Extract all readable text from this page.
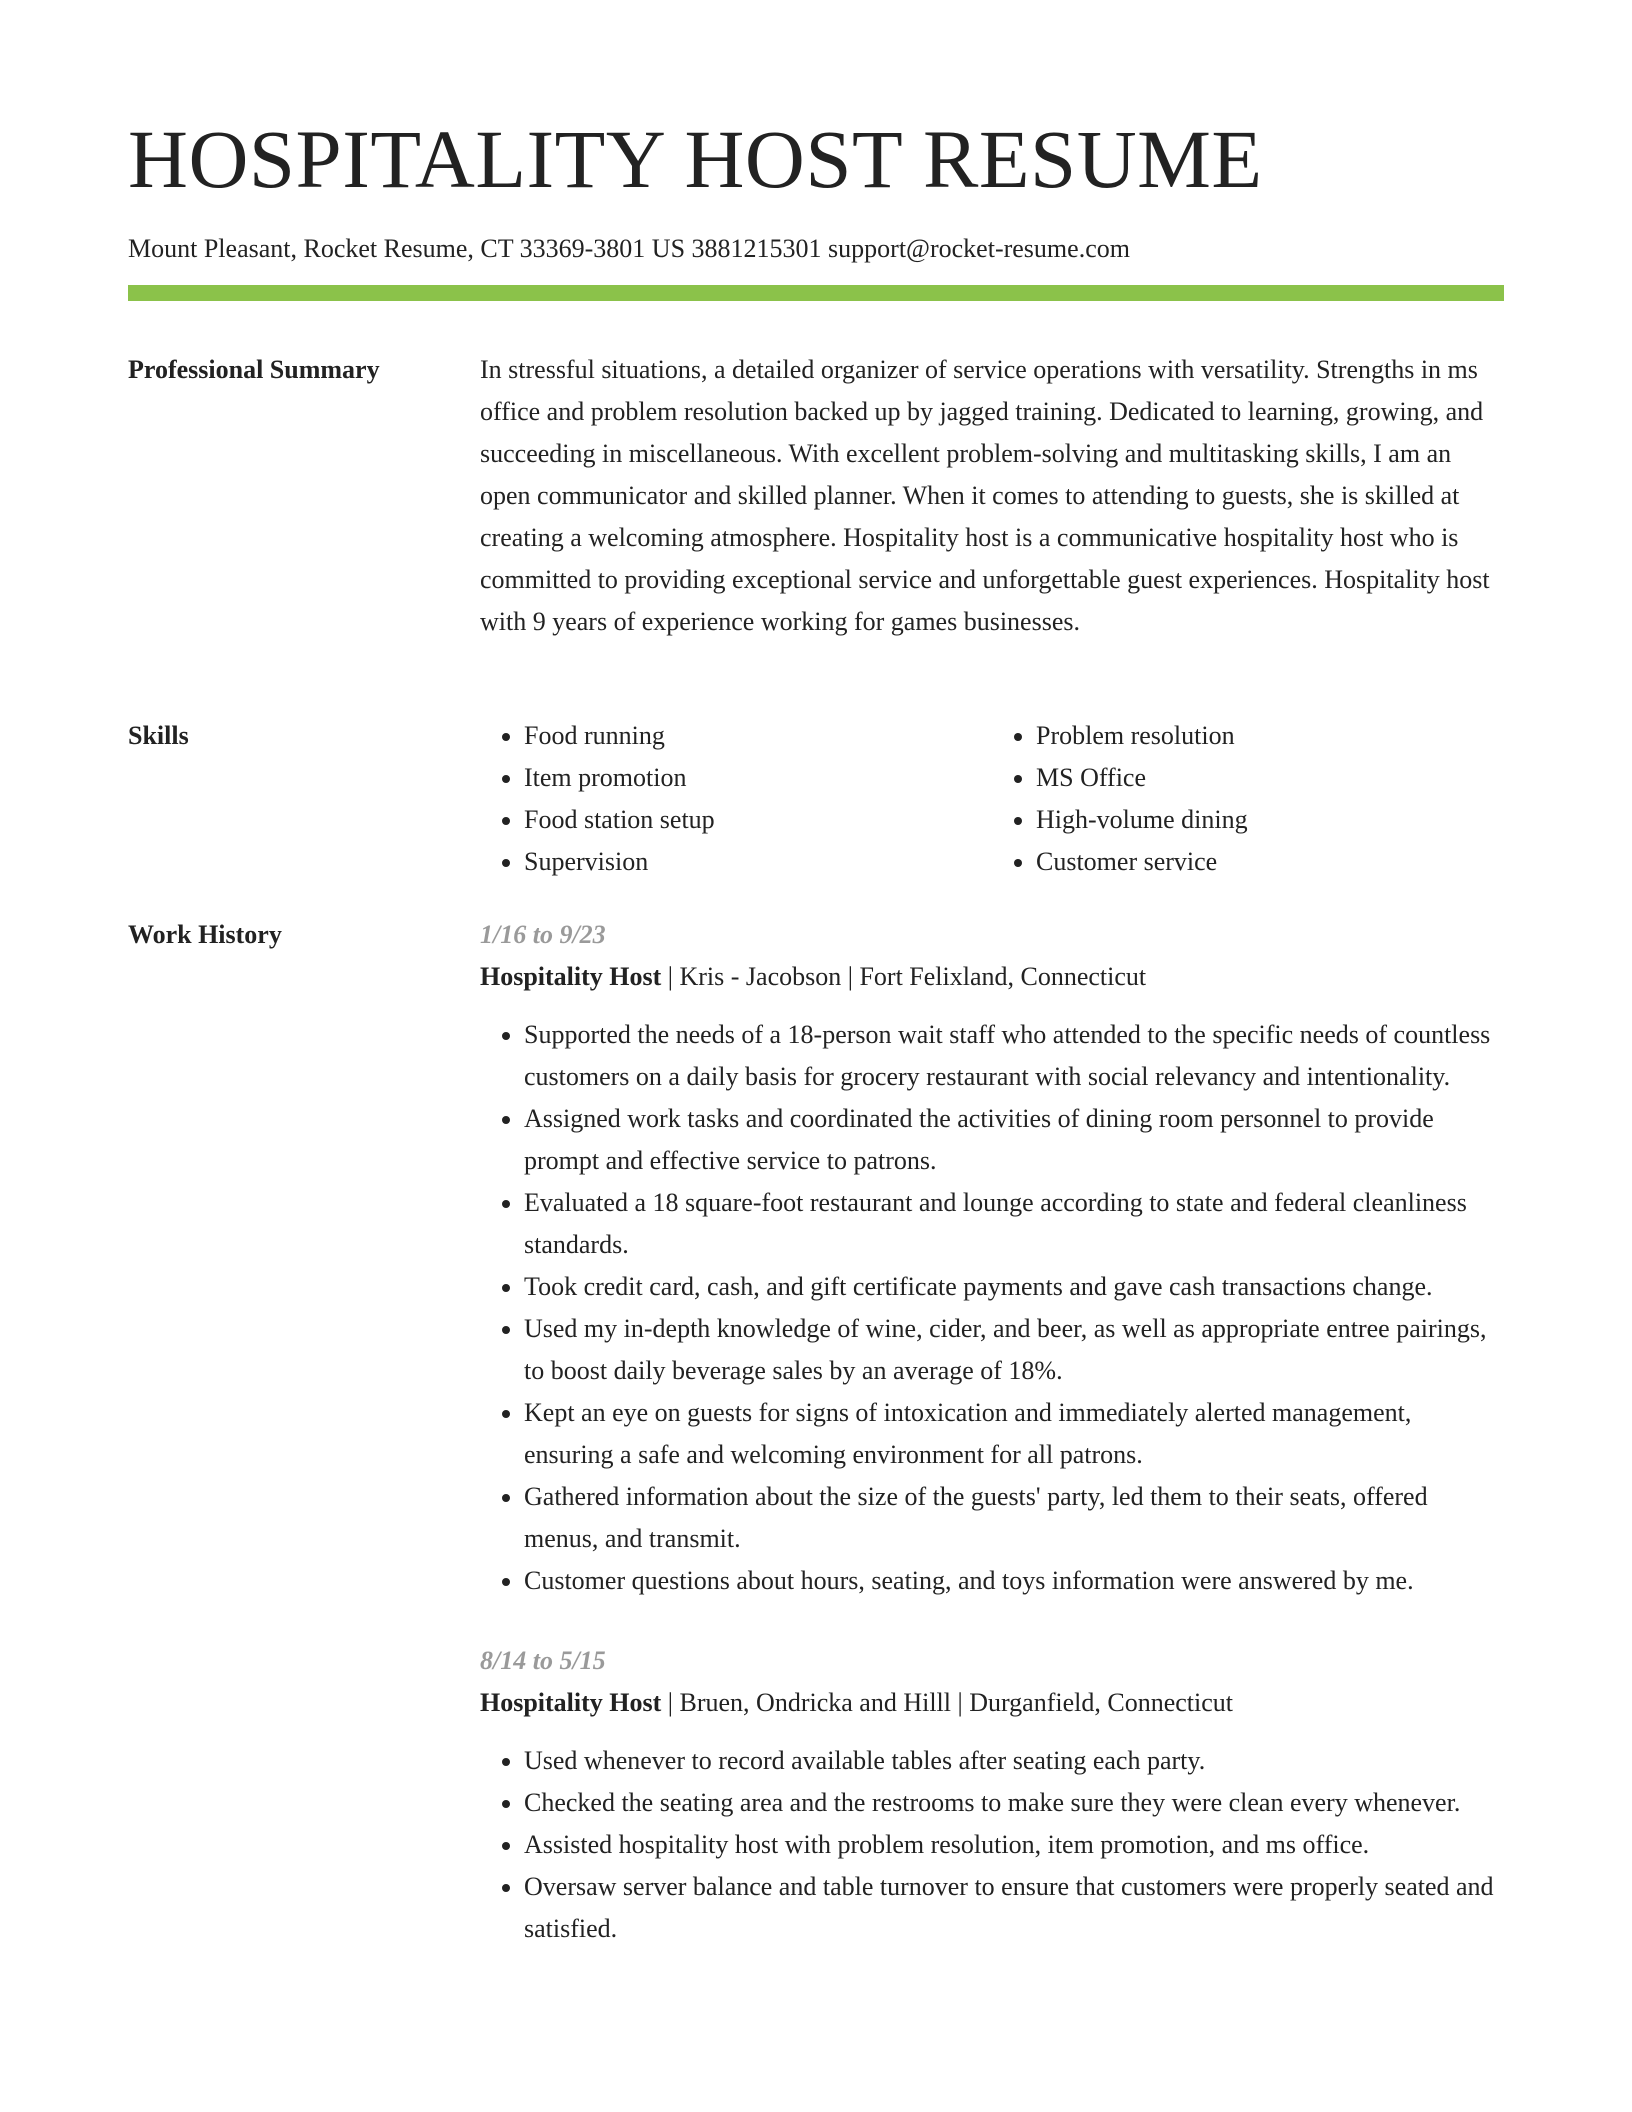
HOSPITALITY HOST RESUME
Mount Pleasant, Rocket Resume, CT 33369-3801 US 3881215301 support@rocket-resume.com
Professional Summary	In stressful situations, a detailed organizer of service operations with versatility. Strengths in ms office and problem resolution backed up by jagged training. Dedicated to learning, growing, and succeeding in miscellaneous. With excellent problem-solving and multitasking skills, I am an open communicator and skilled planner. When it comes to attending to guests, she is skilled at creating a welcoming atmosphere. Hospitality host is a communicative hospitality host who is committed to providing exceptional service and unforgettable guest experiences. Hospitality host with 9 years of experience working for games businesses.

Skills
•	Food running
• Item promotion
• Food station setup
• Supervision
• Problem resolution
• MS Office
• High-volume dining
• Customer service
Work History	1/16 to 9/23
Hospitality Host | Kris - Jacobson | Fort Felixland, Connecticut
• Supported the needs of a 18-person wait staff who attended to the specific needs of countless customers on a daily basis for grocery restaurant with social relevancy and intentionality.
• Assigned work tasks and coordinated the activities of dining room personnel to provide prompt and effective service to patrons.
• Evaluated a 18 square-foot restaurant and lounge according to state and federal cleanliness standards.
• Took credit card, cash, and gift certificate payments and gave cash transactions change.
• Used my in-depth knowledge of wine, cider, and beer, as well as appropriate entree pairings, to boost daily beverage sales by an average of 18%.
• Kept an eye on guests for signs of intoxication and immediately alerted management, ensuring a safe and welcoming environment for all patrons.
• Gathered information about the size of the guests' party, led them to their seats, offered menus, and transmit.
• Customer questions about hours, seating, and toys information were answered by me.
8/14 to 5/15
Hospitality Host | Bruen, Ondricka and Hilll | Durganfield, Connecticut
• Used whenever to record available tables after seating each party.
• Checked the seating area and the restrooms to make sure they were clean every whenever.
• Assisted hospitality host with problem resolution, item promotion, and ms office.
• Oversaw server balance and table turnover to ensure that customers were properly seated and satisfied.
